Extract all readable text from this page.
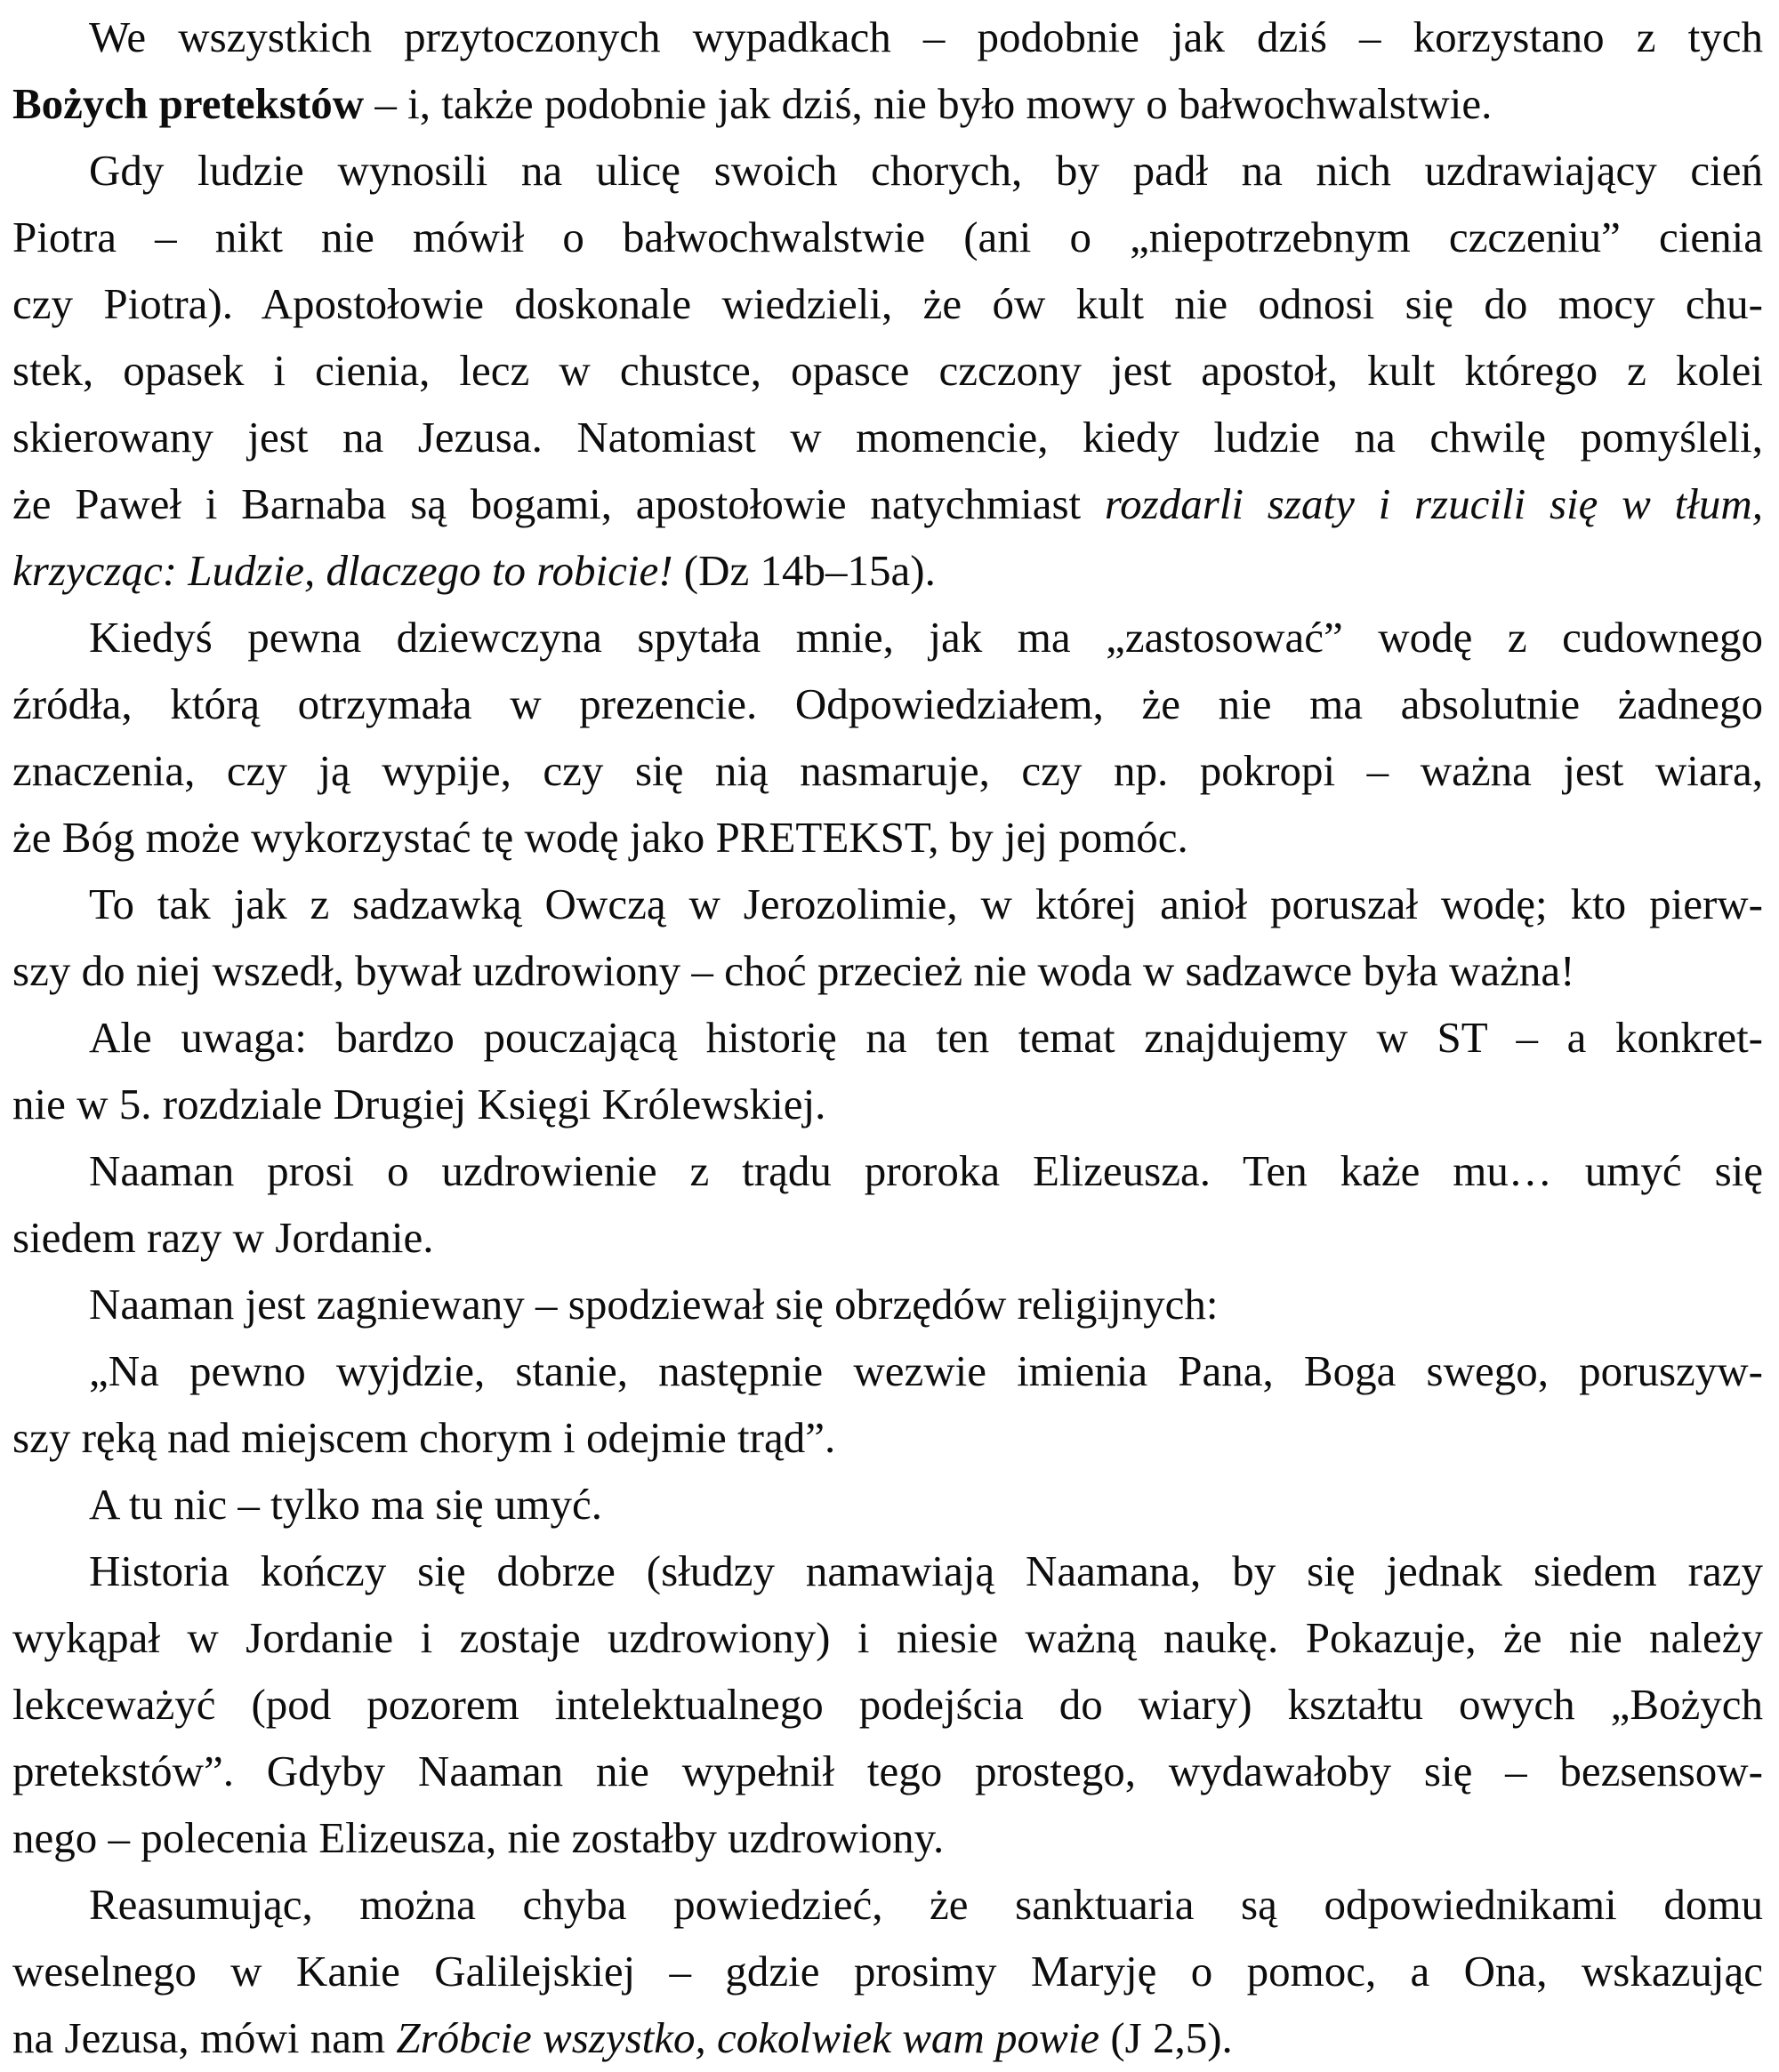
We wszystkich przytoczonych wypadkach – podobnie jak dziś – korzystano z tych
Bożych pretekstów – i, także podobnie jak dziś, nie było mowy o bałwochwalstwie.
Gdy ludzie wynosili na ulicę swoich chorych, by padł na nich uzdrawiający cień
Piotra – nikt nie mówił o bałwochwalstwie (ani o „niepotrzebnym czczeniu” cienia
czy Piotra). Apostołowie doskonale wiedzieli, że ów kult nie odnosi się do mocy chu-
stek, opasek i cienia, lecz w chustce, opasce czczony jest apostoł, kult którego z kolei
skierowany jest na Jezusa. Natomiast w momencie, kiedy ludzie na chwilę pomyśleli,
że Paweł i Barnaba są bogami, apostołowie natychmiast rozdarli szaty i rzucili się w tłum,
krzycząc: Ludzie, dlaczego to robicie! (Dz 14b–15a).
Kiedyś pewna dziewczyna spytała mnie, jak ma „zastosować” wodę z cudownego
źródła, którą otrzymała w prezencie. Odpowiedziałem, że nie ma absolutnie żadnego
znaczenia, czy ją wypije, czy się nią nasmaruje, czy np. pokropi – ważna jest wiara,
że Bóg może wykorzystać tę wodę jako PRETEKST, by jej pomóc.
To tak jak z sadzawką Owczą w Jerozolimie, w której anioł poruszał wodę; kto pierw-
szy do niej wszedł, bywał uzdrowiony – choć przecież nie woda w sadzawce była ważna!
Ale uwaga: bardzo pouczającą historię na ten temat znajdujemy w ST – a konkret-
nie w 5. rozdziale Drugiej Księgi Królewskiej.
Naaman prosi o uzdrowienie z trądu proroka Elizeusza. Ten każe mu… umyć się
siedem razy w Jordanie.
Naaman jest zagniewany – spodziewał się obrzędów religijnych:
„Na pewno wyjdzie, stanie, następnie wezwie imienia Pana, Boga swego, poruszyw-
szy ręką nad miejscem chorym i odejmie trąd”.
A tu nic – tylko ma się umyć.
Historia kończy się dobrze (słudzy namawiają Naamana, by się jednak siedem razy
wykąpał w Jordanie i zostaje uzdrowiony) i niesie ważną naukę. Pokazuje, że nie należy
lekceważyć (pod pozorem intelektualnego podejścia do wiary) kształtu owych „Bożych
pretekstów”. Gdyby Naaman nie wypełnił tego prostego, wydawałoby się – bezsensow-
nego – polecenia Elizeusza, nie zostałby uzdrowiony.
Reasumując, można chyba powiedzieć, że sanktuaria są odpowiednikami domu
weselnego w Kanie Galilejskiej – gdzie prosimy Maryję o pomoc, a Ona, wskazując
na Jezusa, mówi nam Zróbcie wszystko, cokolwiek wam powie (J 2,5).
